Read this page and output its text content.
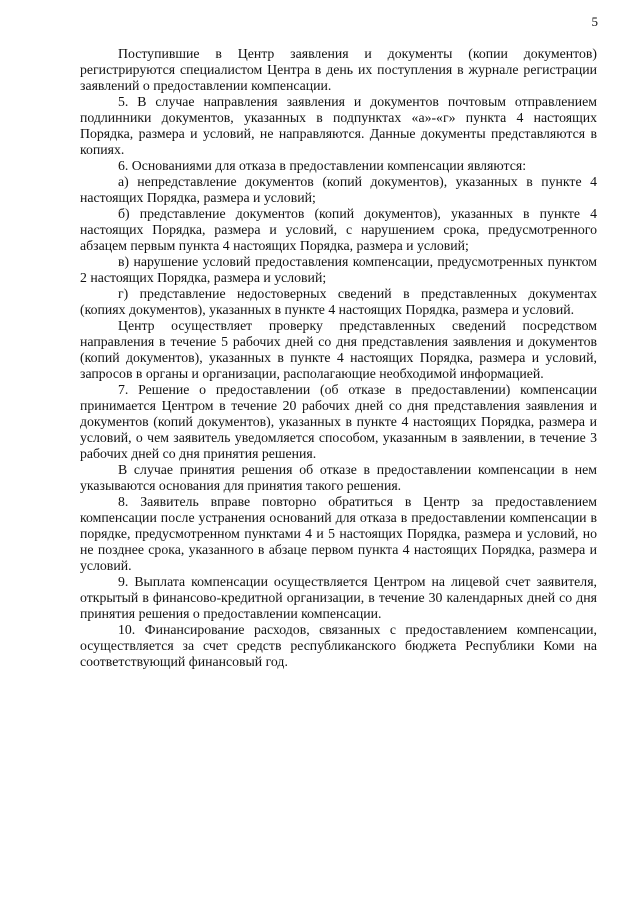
5

Поступившие в Центр заявления и документы (копии документов) регистрируются специалистом Центра в день их поступления в журнале регистрации заявлений о предоставлении компенсации.

5. В случае направления заявления и документов почтовым отправлением подлинники документов, указанных в подпунктах «а»-«г» пункта 4 настоящих Порядка, размера и условий, не направляются. Данные документы представляются в копиях.

6. Основаниями для отказа в предоставлении компенсации являются:

а) непредставление документов (копий документов), указанных в пункте 4 настоящих Порядка, размера и условий;

б) представление документов (копий документов), указанных в пункте 4 настоящих Порядка, размера и условий, с нарушением срока, предусмотренного абзацем первым пункта 4 настоящих Порядка, размера и условий;

в) нарушение условий предоставления компенсации, предусмотренных пунктом 2 настоящих Порядка, размера и условий;

г) представление недостоверных сведений в представленных документах (копиях документов), указанных в пункте 4 настоящих Порядка, размера и условий.

Центр осуществляет проверку представленных сведений посредством направления в течение 5 рабочих дней со дня представления заявления и документов (копий документов), указанных в пункте 4 настоящих Порядка, размера и условий, запросов в органы и организации, располагающие необходимой информацией.

7. Решение о предоставлении (об отказе в предоставлении) компенсации принимается Центром в течение 20 рабочих дней со дня представления заявления и документов (копий документов), указанных в пункте 4 настоящих Порядка, размера и условий, о чем заявитель уведомляется способом, указанным в заявлении, в течение 3 рабочих дней со дня принятия решения.

В случае принятия решения об отказе в предоставлении компенсации в нем указываются основания для принятия такого решения.

8. Заявитель вправе повторно обратиться в Центр за предоставлением компенсации после устранения оснований для отказа в предоставлении компенсации в порядке, предусмотренном пунктами 4 и 5 настоящих Порядка, размера и условий, но не позднее срока, указанного в абзаце первом пункта 4 настоящих Порядка, размера и условий.

9. Выплата компенсации осуществляется Центром на лицевой счет заявителя, открытый в финансово-кредитной организации, в течение 30 календарных дней со дня принятия решения о предоставлении компенсации.

10. Финансирование расходов, связанных с предоставлением компенсации, осуществляется за счет средств республиканского бюджета Республики Коми на соответствующий финансовый год.
